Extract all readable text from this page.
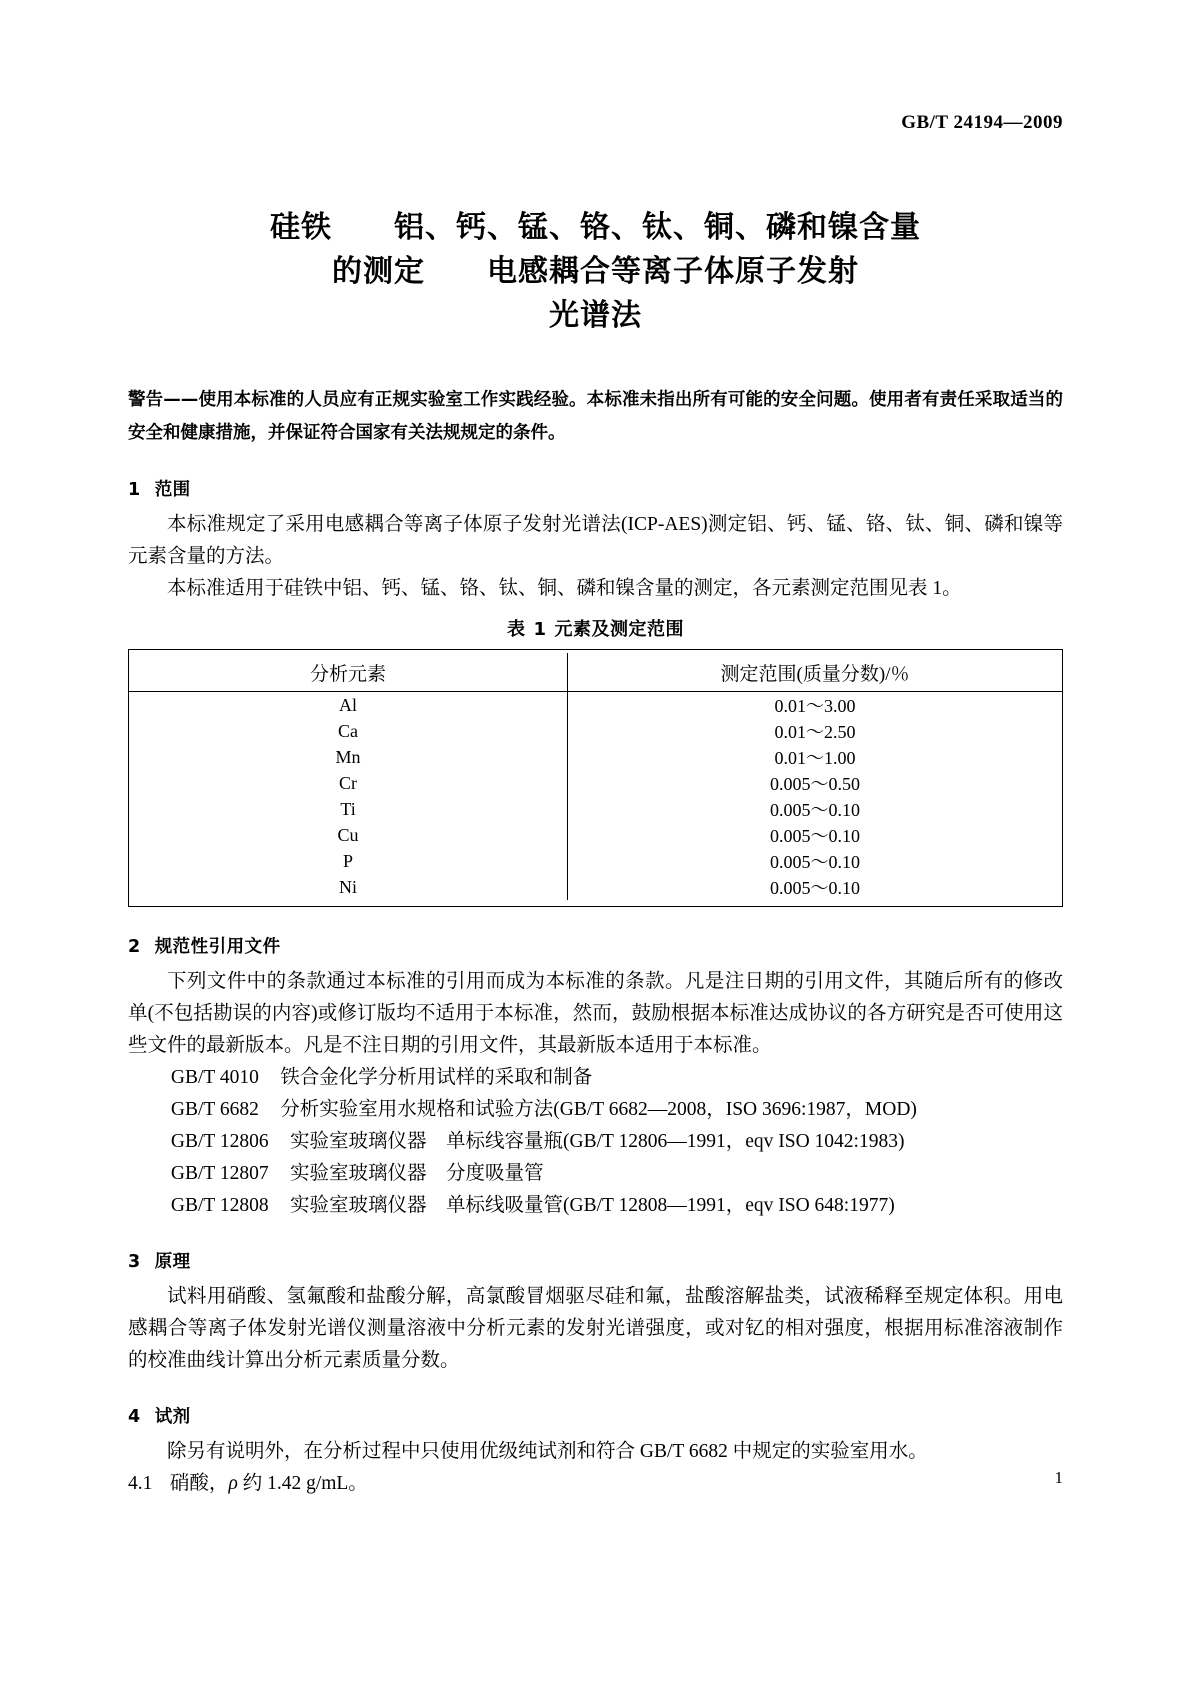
GB/T 24194—2009
硅铁　　铝、钙、锰、铬、钛、铜、磷和镍含量
的测定　　电感耦合等离子体原子发射
光谱法
警告——使用本标准的人员应有正规实验室工作实践经验。本标准未指出所有可能的安全问题。使用者有责任采取适当的安全和健康措施，并保证符合国家有关法规规定的条件。
1 范围

本标准规定了采用电感耦合等离子体原子发射光谱法(ICP-AES)测定铝、钙、锰、铬、钛、铜、磷和镍等元素含量的方法。

本标准适用于硅铁中铝、钙、锰、铬、钛、铜、磷和镍含量的测定，各元素测定范围见表 1。

表 1 元素及测定范围
分析元素	测定范围(质量分数)/％
Al	0.01～3.00
Ca	0.01～2.50
Mn	0.01～1.00
Cr	0.005～0.50
Ti	0.005～0.10
Cu	0.005～0.10
P	0.005～0.10
Ni	0.005～0.10
2 规范性引用文件

下列文件中的条款通过本标准的引用而成为本标准的条款。凡是注日期的引用文件，其随后所有的修改单(不包括勘误的内容)或修订版均不适用于本标准，然而，鼓励根据本标准达成协议的各方研究是否可使用这些文件的最新版本。凡是不注日期的引用文件，其最新版本适用于本标准。

GB/T 4010 铁合金化学分析用试样的采取和制备
GB/T 6682 分析实验室用水规格和试验方法(GB/T 6682—2008，ISO 3696:1987，MOD)
GB/T 12806 实验室玻璃仪器　单标线容量瓶(GB/T 12806—1991，eqv ISO 1042:1983)
GB/T 12807 实验室玻璃仪器　分度吸量管
GB/T 12808 实验室玻璃仪器　单标线吸量管(GB/T 12808—1991，eqv ISO 648:1977)
3 原理

试料用硝酸、氢氟酸和盐酸分解，高氯酸冒烟驱尽硅和氟，盐酸溶解盐类，试液稀释至规定体积。用电感耦合等离子体发射光谱仪测量溶液中分析元素的发射光谱强度，或对钇的相对强度，根据用标准溶液制作的校准曲线计算出分析元素质量分数。

4 试剂

除另有说明外，在分析过程中只使用优级纯试剂和符合 GB/T 6682 中规定的实验室用水。

4.1 硝酸，ρ 约 1.42 g/mL。	1
